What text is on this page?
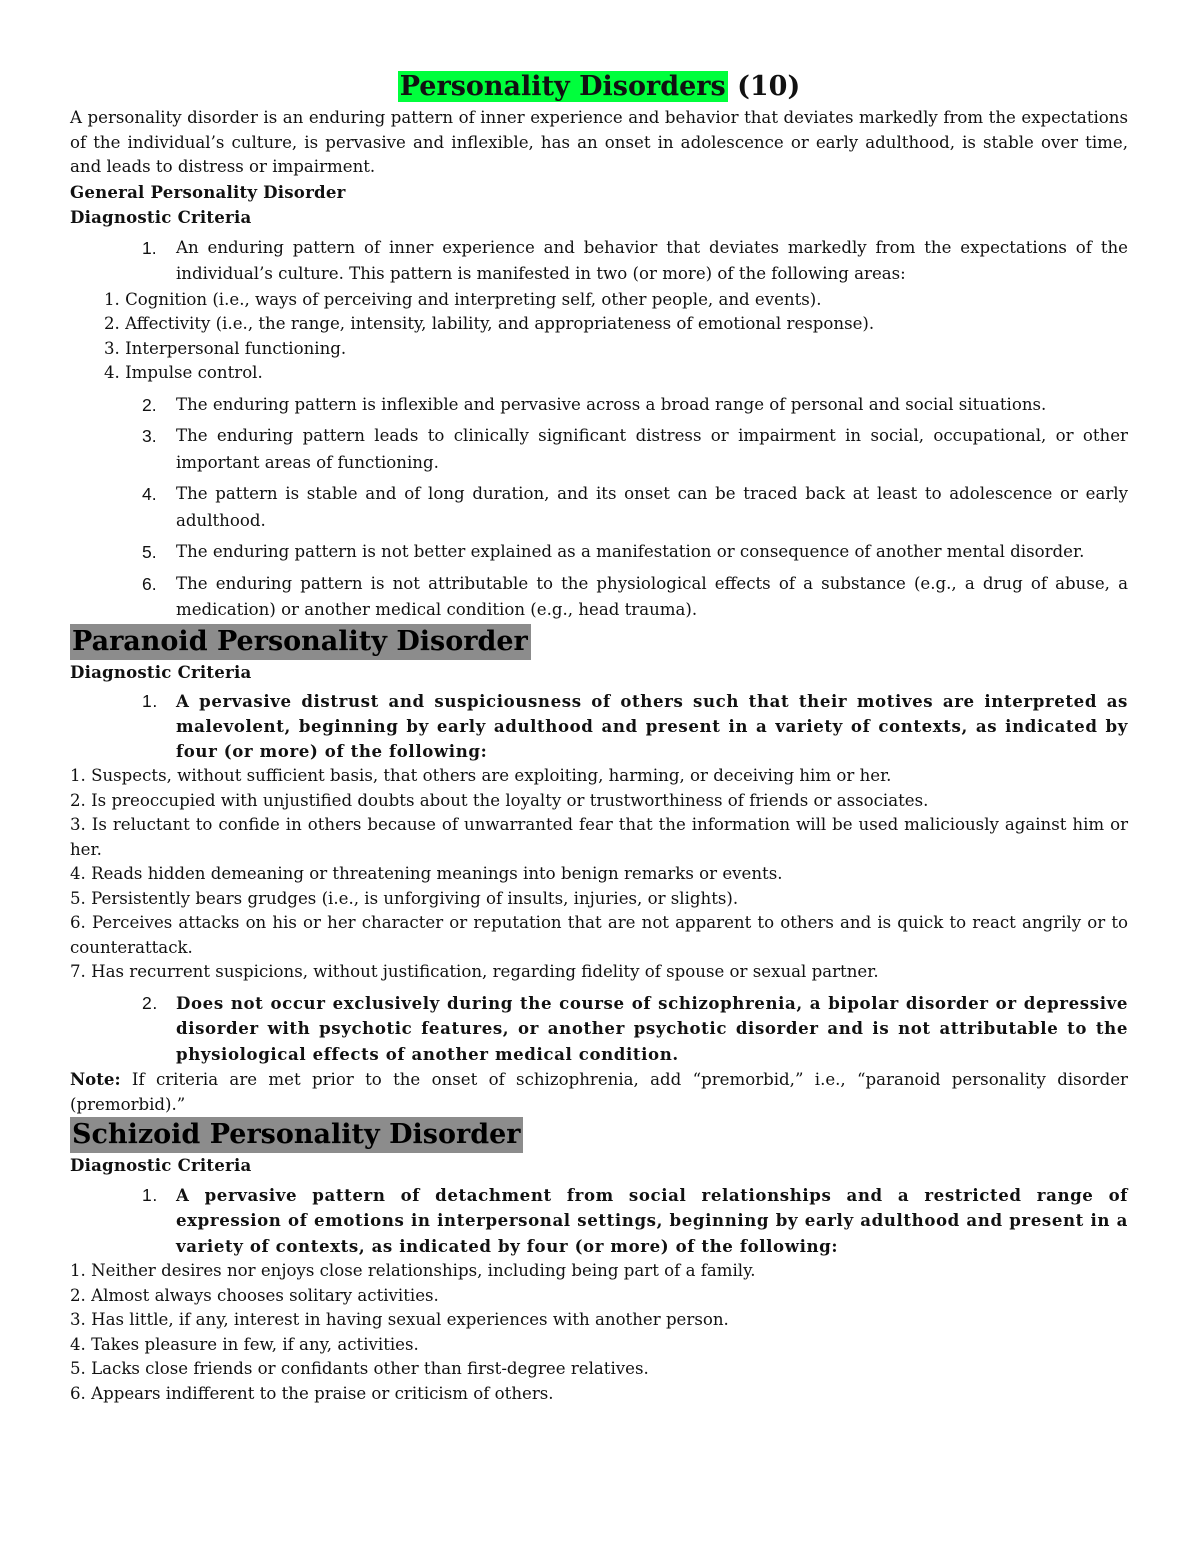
Personality Disorders (10)

A personality disorder is an enduring pattern of inner experience and behavior that deviates markedly from the expectations of the individual’s culture, is pervasive and inflexible, has an onset in adolescence or early adulthood, is stable over time, and leads to distress or impairment.

General Personality Disorder
Diagnostic Criteria
1. An enduring pattern of inner experience and behavior that deviates markedly from the expectations of the individual’s culture. This pattern is manifested in two (or more) of the following areas:
1. Cognition (i.e., ways of perceiving and interpreting self, other people, and events).
2. Affectivity (i.e., the range, intensity, lability, and appropriateness of emotional response).
3. Interpersonal functioning.
4. Impulse control.
2. The enduring pattern is inflexible and pervasive across a broad range of personal and social situations.
3. The enduring pattern leads to clinically significant distress or impairment in social, occupational, or other important areas of functioning.
4. The pattern is stable and of long duration, and its onset can be traced back at least to adolescence or early adulthood.
5. The enduring pattern is not better explained as a manifestation or consequence of another mental disorder.
6. The enduring pattern is not attributable to the physiological effects of a substance (e.g., a drug of abuse, a medication) or another medical condition (e.g., head trauma).
Paranoid Personality Disorder
Diagnostic Criteria
1. A pervasive distrust and suspiciousness of others such that their motives are interpreted as malevolent, beginning by early adulthood and present in a variety of contexts, as indicated by four (or more) of the following:
1. Suspects, without sufficient basis, that others are exploiting, harming, or deceiving him or her.
2. Is preoccupied with unjustified doubts about the loyalty or trustworthiness of friends or associates.
3. Is reluctant to confide in others because of unwarranted fear that the information will be used maliciously against him or her.
4. Reads hidden demeaning or threatening meanings into benign remarks or events.
5. Persistently bears grudges (i.e., is unforgiving of insults, injuries, or slights).
6. Perceives attacks on his or her character or reputation that are not apparent to others and is quick to react angrily or to counterattack.
7. Has recurrent suspicions, without justification, regarding fidelity of spouse or sexual partner.
2. Does not occur exclusively during the course of schizophrenia, a bipolar disorder or depressive disorder with psychotic features, or another psychotic disorder and is not attributable to the physiological effects of another medical condition.

Note: If criteria are met prior to the onset of schizophrenia, add “premorbid,” i.e., “paranoid personality disorder (premorbid).”

Schizoid Personality Disorder
Diagnostic Criteria
1. A pervasive pattern of detachment from social relationships and a restricted range of expression of emotions in interpersonal settings, beginning by early adulthood and present in a variety of contexts, as indicated by four (or more) of the following:
1. Neither desires nor enjoys close relationships, including being part of a family.
2. Almost always chooses solitary activities.
3. Has little, if any, interest in having sexual experiences with another person.
4. Takes pleasure in few, if any, activities.
5. Lacks close friends or confidants other than first-degree relatives.
6. Appears indifferent to the praise or criticism of others.
